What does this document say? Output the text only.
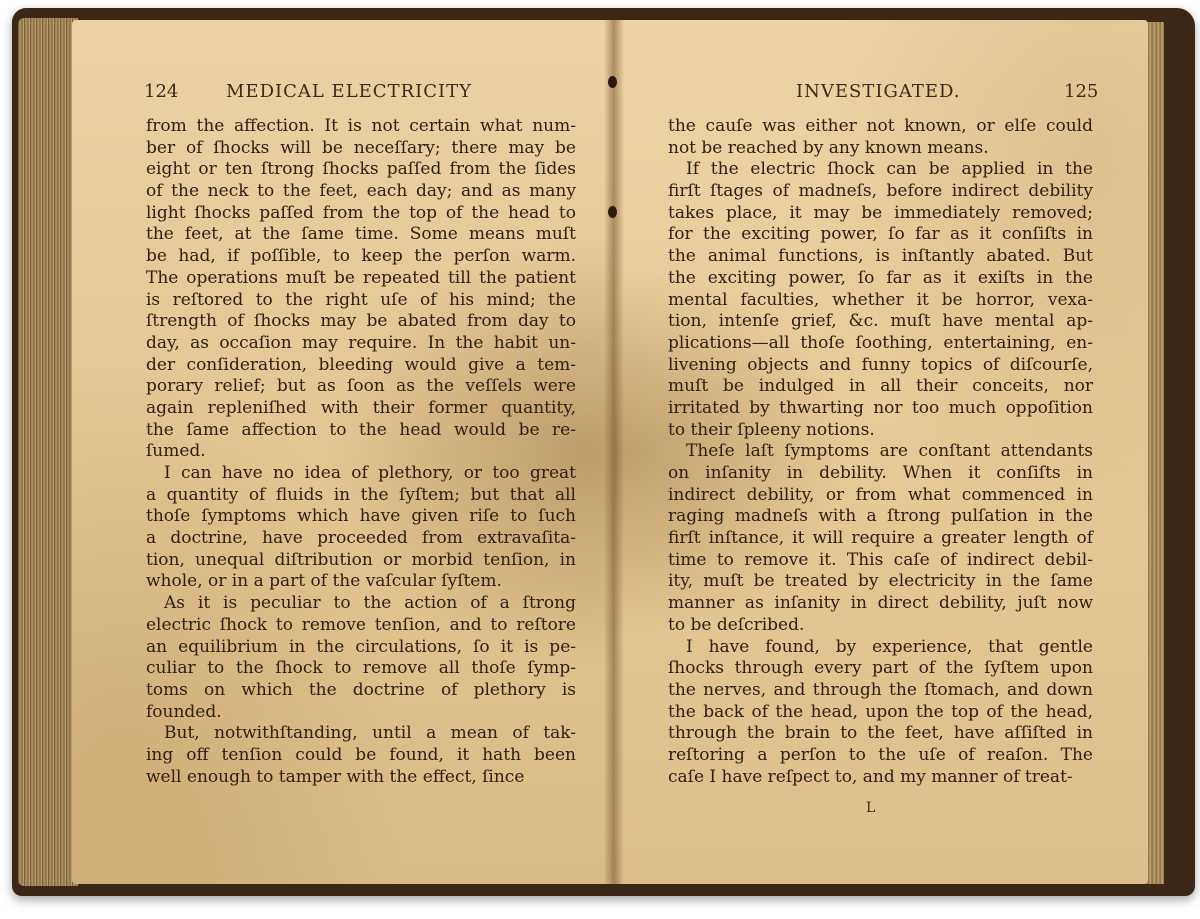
124	MEDICAL ELECTRICITY
from the affection. It is not certain what num-
ber of ſhocks will be neceſſary; there may be
eight or ten ſtrong ſhocks paſſed from the ſides
of the neck to the feet, each day; and as many
light ſhocks paſſed from the top of the head to
the feet, at the ſame time. Some means muſt
be had, if poſſible, to keep the perſon warm.
The operations muſt be repeated till the patient
is reſtored to the right uſe of his mind; the
ſtrength of ſhocks may be abated from day to
day, as occaſion may require. In the habit un-
der conſideration, bleeding would give a tem-
porary relief; but as ſoon as the veſſels were
again repleniſhed with their former quantity,
the ſame affection to the head would be re-
ſumed.
I can have no idea of plethory, or too great
a quantity of fluids in the ſyſtem; but that all
thoſe ſymptoms which have given riſe to ſuch
a doctrine, have proceeded from extravaſita-
tion, unequal diſtribution or morbid tenſion, in
whole, or in a part of the vaſcular ſyſtem.
As it is peculiar to the action of a ſtrong
electric ſhock to remove tenſion, and to reſtore
an equilibrium in the circulations, ſo it is pe-
culiar to the ſhock to remove all thoſe ſymp-
toms on which the doctrine of plethory is
founded.
But, notwithſtanding, until a mean of tak-
ing off tenſion could be found, it hath been
well enough to tamper with the effect, ſince
INVESTIGATED.	125
the cauſe was either not known, or elſe could
not be reached by any known means.
If the electric ſhock can be applied in the
firſt ſtages of madneſs, before indirect debility
takes place, it may be immediately removed;
for the exciting power, ſo far as it conſiſts in
the animal functions, is inſtantly abated. But
the exciting power, ſo far as it exiſts in the
mental faculties, whether it be horror, vexa-
tion, intenſe grief, &c. muſt have mental ap-
plications—all thoſe ſoothing, entertaining, en-
livening objects and funny topics of diſcourſe,
muſt be indulged in all their conceits, nor
irritated by thwarting nor too much oppoſition
to their ſpleeny notions.
Theſe laſt ſymptoms are conſtant attendants
on inſanity in debility. When it conſiſts in
indirect debility, or from what commenced in
raging madneſs with a ſtrong pulſation in the
firſt inſtance, it will require a greater length of
time to remove it. This caſe of indirect debil-
ity, muſt be treated by electricity in the ſame
manner as inſanity in direct debility, juſt now
to be deſcribed.
I have found, by experience, that gentle
ſhocks through every part of the ſyſtem upon
the nerves, and through the ſtomach, and down
the back of the head, upon the top of the head,
through the brain to the feet, have aſſiſted in
reſtoring a perſon to the uſe of reaſon. The
caſe I have reſpect to, and my manner of treat-
L
